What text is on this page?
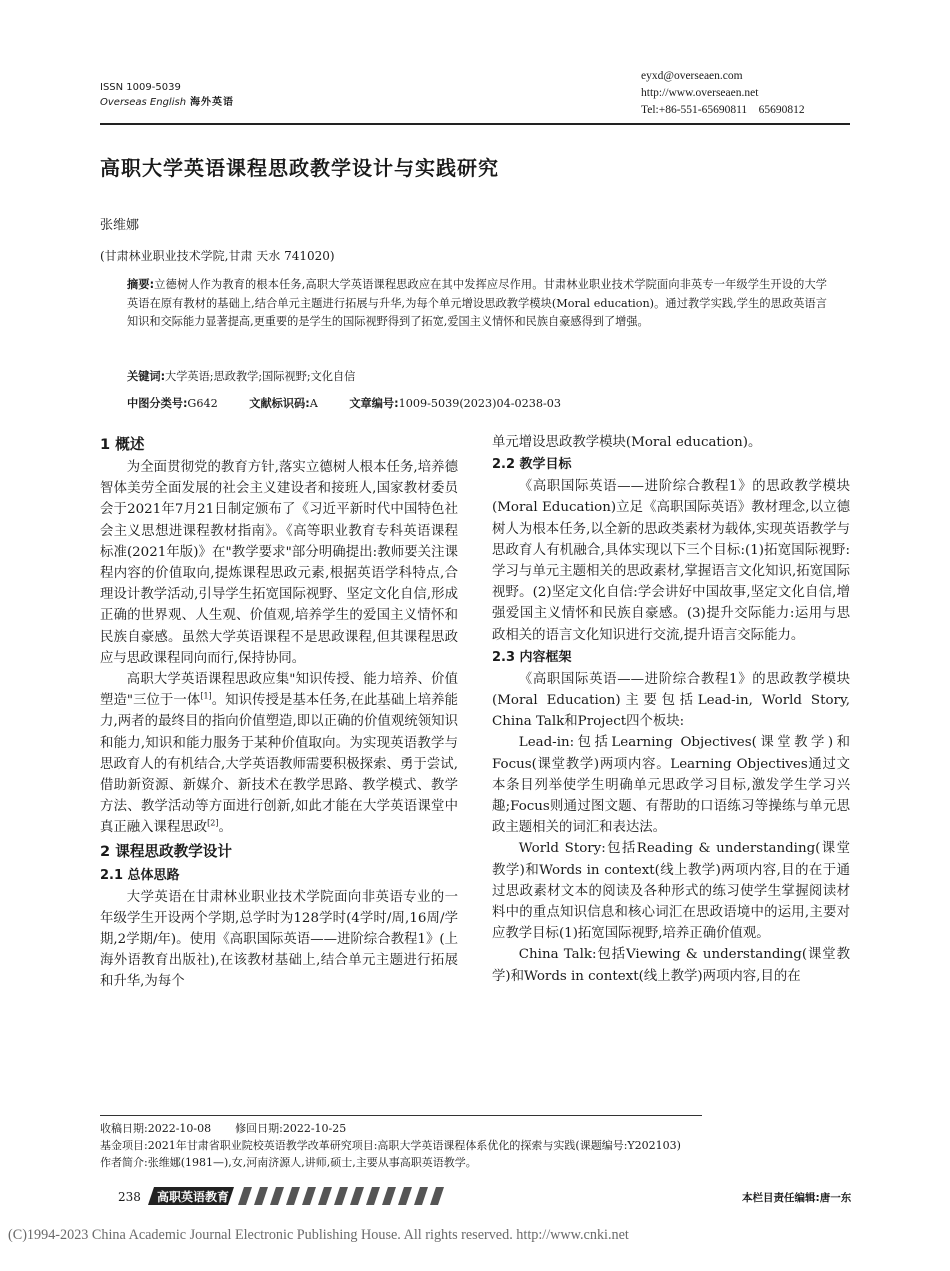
ISSN 1009-5039
Overseas English 海外英语
eyxd@overseaen.com
http://www.overseaen.net
Tel:+86-551-65690811　65690812
高职大学英语课程思政教学设计与实践研究
张维娜
(甘肃林业职业技术学院,甘肃 天水 741020)
摘要:立德树人作为教育的根本任务,高职大学英语课程思政应在其中发挥应尽作用。甘肃林业职业技术学院面向非英专一年级学生开设的大学英语在原有教材的基础上,结合单元主题进行拓展与升华,为每个单元增设思政教学模块(Moral education)。通过教学实践,学生的思政英语言知识和交际能力显著提高,更重要的是学生的国际视野得到了拓宽,爱国主义情怀和民族自豪感得到了增强。
关键词:大学英语;思政教学;国际视野;文化自信
中图分类号:G642	文献标识码:A	文章编号:1009-5039(2023)04-0238-03
1 概述

为全面贯彻党的教育方针,落实立德树人根本任务,培养德智体美劳全面发展的社会主义建设者和接班人,国家教材委员会于2021年7月21日制定颁布了《习近平新时代中国特色社会主义思想进课程教材指南》。《高等职业教育专科英语课程标准(2021年版)》在"教学要求"部分明确提出:教师要关注课程内容的价值取向,提炼课程思政元素,根据英语学科特点,合理设计教学活动,引导学生拓宽国际视野、坚定文化自信,形成正确的世界观、人生观、价值观,培养学生的爱国主义情怀和民族自豪感。虽然大学英语课程不是思政课程,但其课程思政应与思政课程同向而行,保持协同。

高职大学英语课程思政应集"知识传授、能力培养、价值塑造"三位于一体[1]。知识传授是基本任务,在此基础上培养能力,两者的最终目的指向价值塑造,即以正确的价值观统领知识和能力,知识和能力服务于某种价值取向。为实现英语教学与思政育人的有机结合,大学英语教师需要积极探索、勇于尝试,借助新资源、新媒介、新技术在教学思路、教学模式、教学方法、教学活动等方面进行创新,如此才能在大学英语课堂中真正融入课程思政[2]。

2 课程思政教学设计
2.1 总体思路

大学英语在甘肃林业职业技术学院面向非英语专业的一年级学生开设两个学期,总学时为128学时(4学时/周,16周/学期,2学期/年)。使用《高职国际英语——进阶综合教程1》(上海外语教育出版社),在该教材基础上,结合单元主题进行拓展和升华,为每个

单元增设思政教学模块(Moral education)。

2.2 教学目标

《高职国际英语——进阶综合教程1》的思政教学模块(Moral Education)立足《高职国际英语》教材理念,以立德树人为根本任务,以全新的思政类素材为载体,实现英语教学与思政育人有机融合,具体实现以下三个目标:(1)拓宽国际视野:学习与单元主题相关的思政素材,掌握语言文化知识,拓宽国际视野。(2)坚定文化自信:学会讲好中国故事,坚定文化自信,增强爱国主义情怀和民族自豪感。(3)提升交际能力:运用与思政相关的语言文化知识进行交流,提升语言交际能力。

2.3 内容框架

《高职国际英语——进阶综合教程1》的思政教学模块(Moral Education)主要包括Lead-in, World Story, China Talk和Project四个板块:

Lead-in:包括Learning Objectives(课堂教学)和Focus(课堂教学)两项内容。Learning Objectives通过文本条目列举使学生明确单元思政学习目标,激发学生学习兴趣;Focus则通过图文题、有帮助的口语练习等操练与单元思政主题相关的词汇和表达法。

World Story:包括Reading & understanding(课堂教学)和Words in context(线上教学)两项内容,目的在于通过思政素材文本的阅读及各种形式的练习使学生掌握阅读材料中的重点知识信息和核心词汇在思政语境中的运用,主要对应教学目标(1)拓宽国际视野,培养正确价值观。

China Talk:包括Viewing & understanding(课堂教学)和Words in context(线上教学)两项内容,目的在

收稿日期:2022-10-08 修回日期:2022-10-25
基金项目:2021年甘肃省职业院校英语教学改革研究项目:高职大学英语课程体系优化的探索与实践(课题编号:Y202103)
作者简介:张维娜(1981—),女,河南济源人,讲师,硕士,主要从事高职英语教学。
238 高职英语教育	本栏目责任编辑:唐一东
(C)1994-2023 China Academic Journal Electronic Publishing House. All rights reserved. http://www.cnki.net
